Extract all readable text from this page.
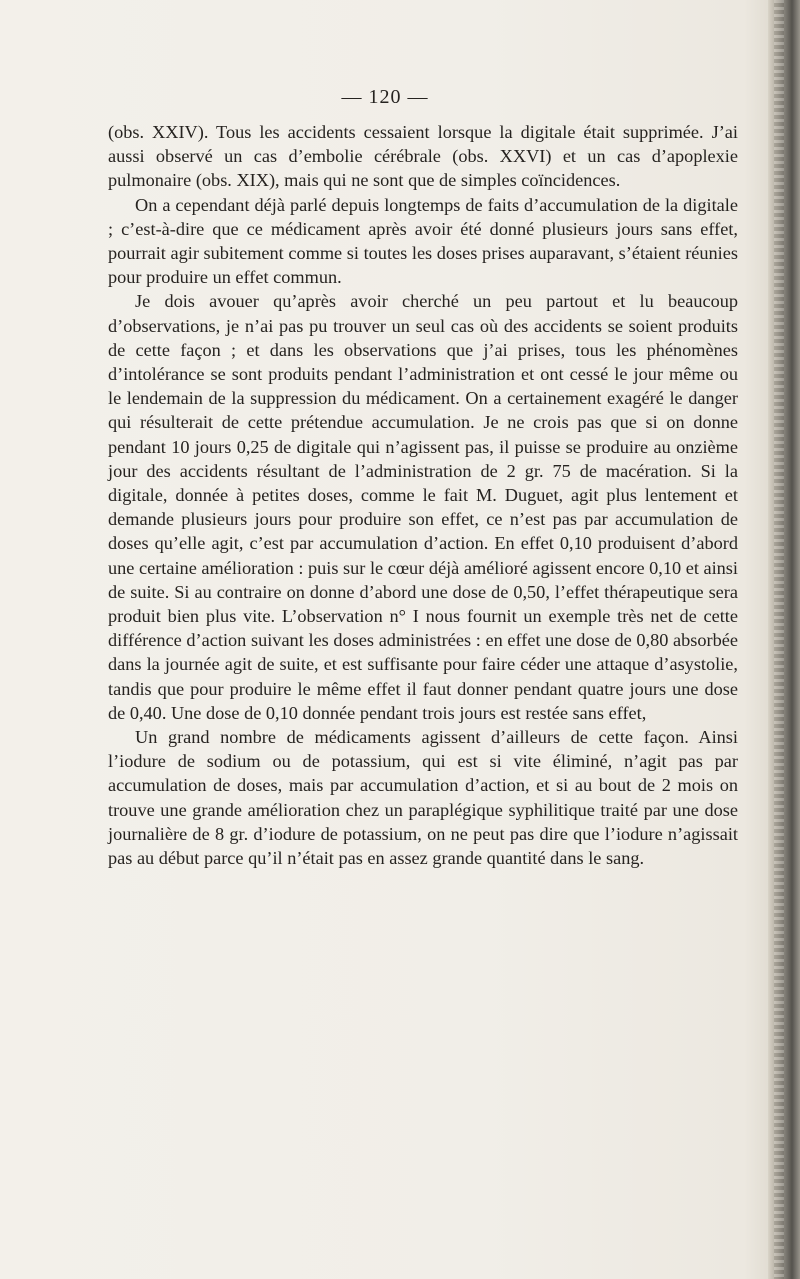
— 120 —

(obs. XXIV). Tous les accidents cessaient lorsque la digitale était supprimée. J’ai aussi observé un cas d’embolie cérébrale (obs. XXVI) et un cas d’apoplexie pulmonaire (obs. XIX), mais qui ne sont que de simples coïncidences.

On a cependant déjà parlé depuis longtemps de faits d’accumulation de la digitale ; c’est-à-dire que ce médicament après avoir été donné plusieurs jours sans effet, pourrait agir subitement comme si toutes les doses prises auparavant, s’étaient réunies pour produire un effet commun.

Je dois avouer qu’après avoir cherché un peu partout et lu beaucoup d’observations, je n’ai pas pu trouver un seul cas où des accidents se soient produits de cette façon ; et dans les observations que j’ai prises, tous les phénomènes d’intolérance se sont produits pendant l’administration et ont cessé le jour même ou le lendemain de la suppression du médicament. On a certainement exagéré le danger qui résulterait de cette prétendue accumulation. Je ne crois pas que si on donne pendant 10 jours 0,25 de digitale qui n’agissent pas, il puisse se produire au onzième jour des accidents résultant de l’administration de 2 gr. 75 de macération. Si la digitale, donnée à petites doses, comme le fait M. Duguet, agit plus lentement et demande plusieurs jours pour produire son effet, ce n’est pas par accumulation de doses qu’elle agit, c’est par accumulation d’action. En effet 0,10 produisent d’abord une certaine amélioration : puis sur le cœur déjà amélioré agissent encore 0,10 et ainsi de suite. Si au contraire on donne d’abord une dose de 0,50, l’effet thérapeutique sera produit bien plus vite. L’observation n° I nous fournit un exemple très net de cette différence d’action suivant les doses administrées : en effet une dose de 0,80 absorbée dans la journée agit de suite, et est suffisante pour faire céder une attaque d’asystolie, tandis que pour produire le même effet il faut donner pendant quatre jours une dose de 0,40. Une dose de 0,10 donnée pendant trois jours est restée sans effet,

Un grand nombre de médicaments agissent d’ailleurs de cette façon. Ainsi l’iodure de sodium ou de potassium, qui est si vite éliminé, n’agit pas par accumulation de doses, mais par accumulation d’action, et si au bout de 2 mois on trouve une grande amélioration chez un paraplégique syphilitique traité par une dose journalière de 8 gr. d’iodure de potassium, on ne peut pas dire que l’iodure n’agissait pas au début parce qu’il n’était pas en assez grande quantité dans le sang.
